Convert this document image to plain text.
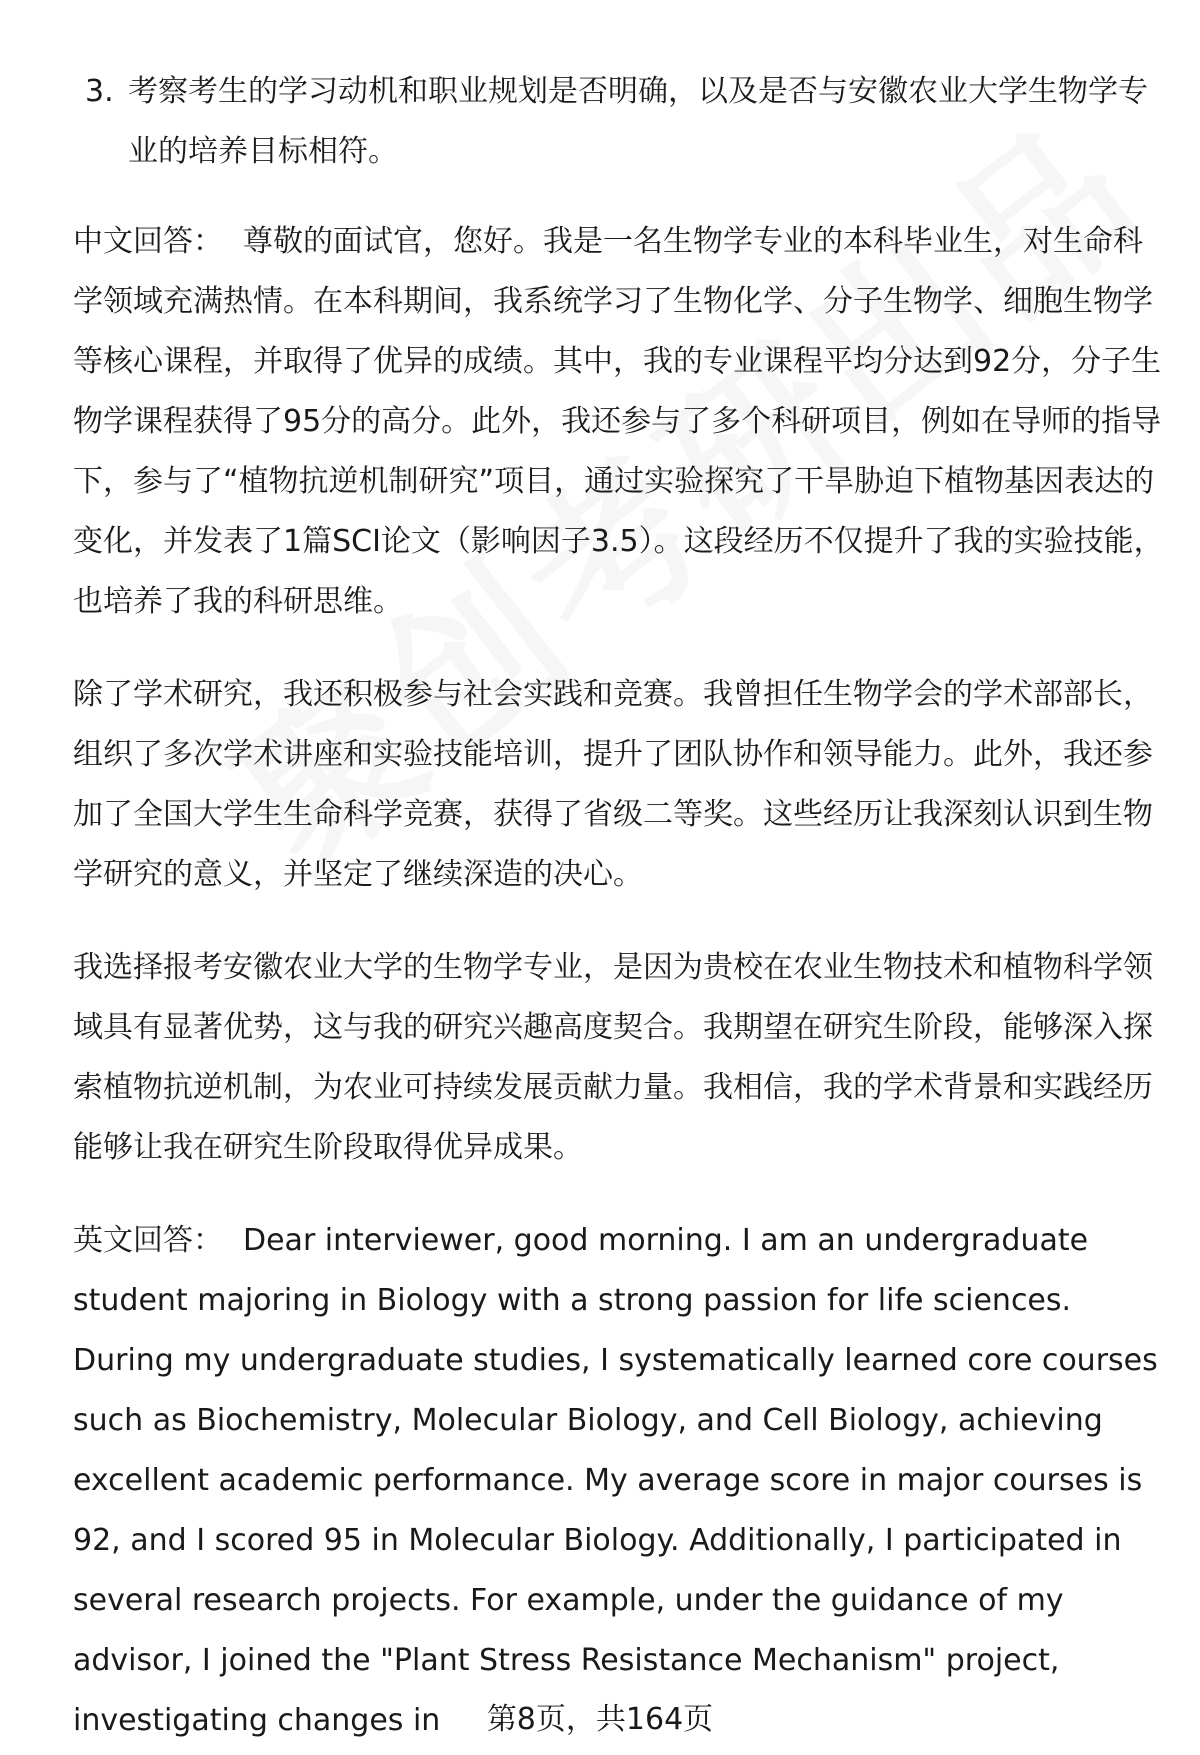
3. 考察考生的学习动机和职业规划是否明确，以及是否与安徽农业大学生物学专业的培养目标相符。

中文回答： 尊敬的面试官，您好。我是一名生物学专业的本科毕业生，对生命科学领域充满热情。在本科期间，我系统学习了生物化学、分子生物学、细胞生物学等核心课程，并取得了优异的成绩。其中，我的专业课程平均分达到92分，分子生物学课程获得了95分的高分。此外，我还参与了多个科研项目，例如在导师的指导下，参与了“植物抗逆机制研究”项目，通过实验探究了干旱胁迫下植物基因表达的变化，并发表了1篇SCI论文（影响因子3.5）。这段经历不仅提升了我的实验技能，也培养了我的科研思维。

除了学术研究，我还积极参与社会实践和竞赛。我曾担任生物学会的学术部部长，组织了多次学术讲座和实验技能培训，提升了团队协作和领导能力。此外，我还参加了全国大学生生命科学竞赛，获得了省级二等奖。这些经历让我深刻认识到生物学研究的意义，并坚定了继续深造的决心。

我选择报考安徽农业大学的生物学专业，是因为贵校在农业生物技术和植物科学领域具有显著优势，这与我的研究兴趣高度契合。我期望在研究生阶段，能够深入探索植物抗逆机制，为农业可持续发展贡献力量。我相信，我的学术背景和实践经历能够让我在研究生阶段取得优异成果。

英文回答： Dear interviewer, good morning. I am an undergraduate student majoring in Biology with a strong passion for life sciences. During my undergraduate studies, I systematically learned core courses such as Biochemistry, Molecular Biology, and Cell Biology, achieving excellent academic performance. My average score in major courses is 92, and I scored 95 in Molecular Biology. Additionally, I participated in several research projects. For example, under the guidance of my advisor, I joined the "Plant Stress Resistance Mechanism" project, investigating changes in	第8页，共164页
